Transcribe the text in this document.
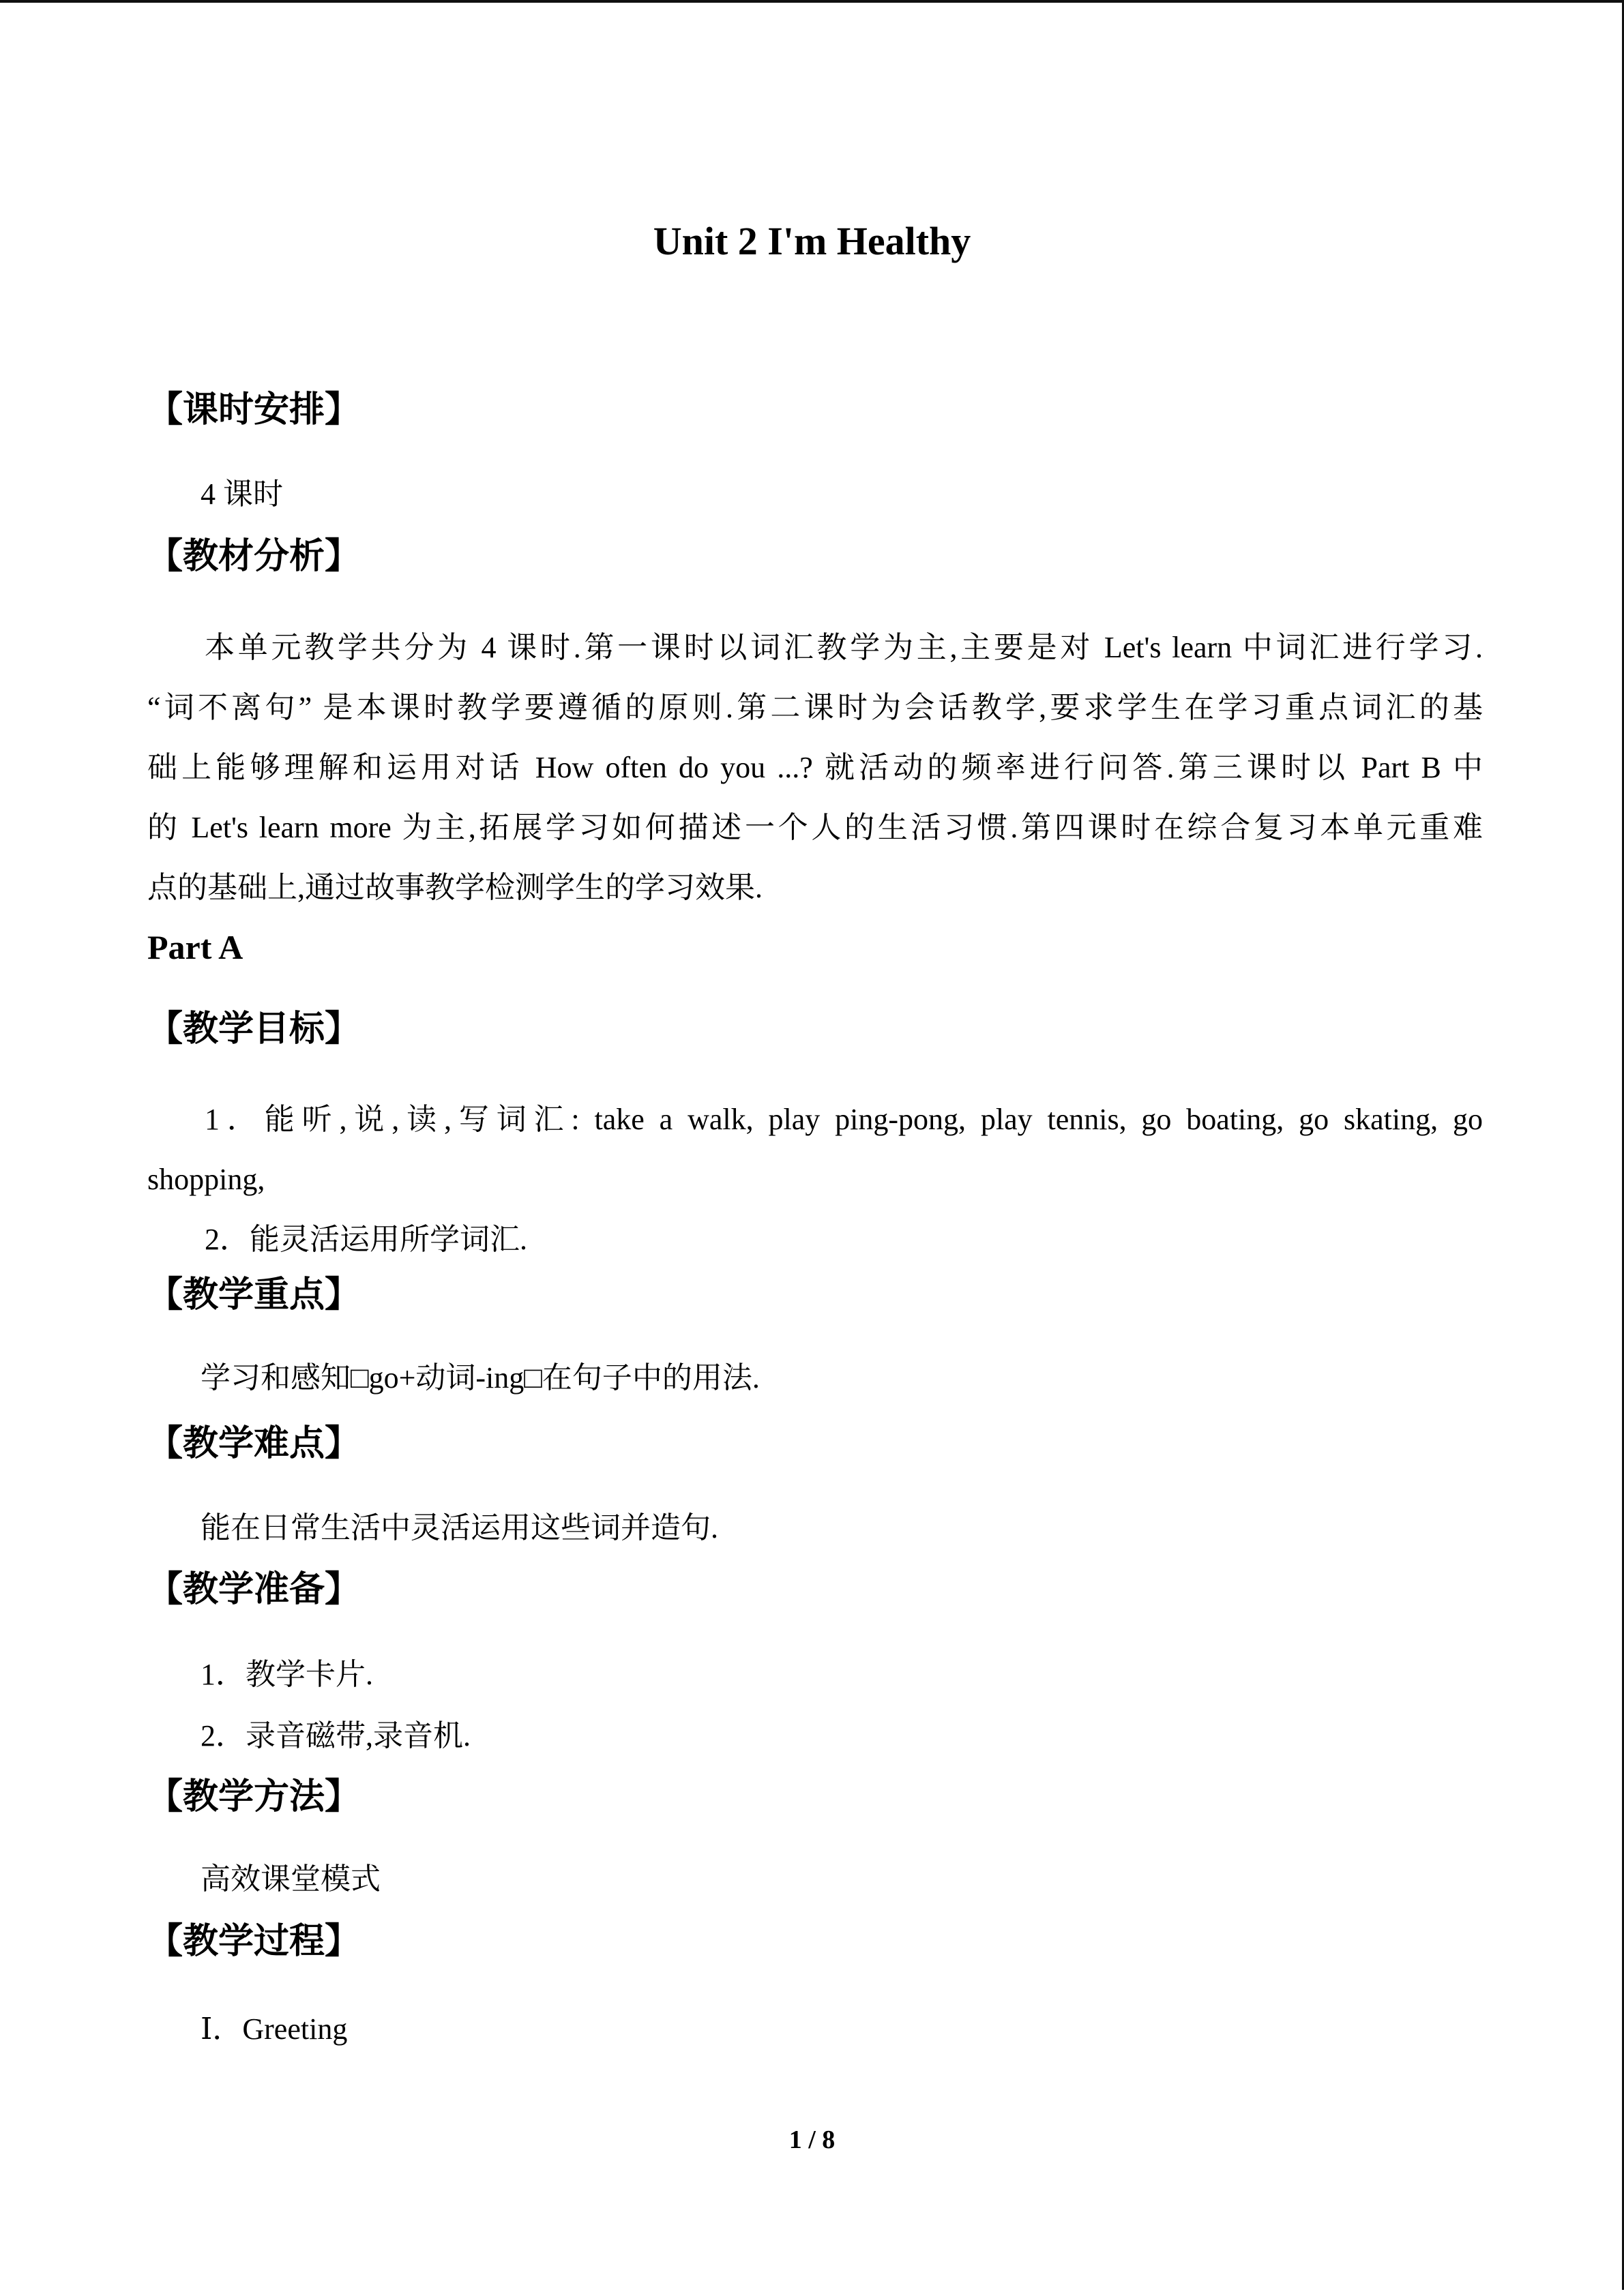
Unit 2 I'm Healthy
【课时安排】
4 课时
【教材分析】
本单元教学共分为 4 课时.第一课时以词汇教学为主,主要是对 Let's learn 中词汇进行学习.
“词不离句” 是本课时教学要遵循的原则.第二课时为会话教学,要求学生在学习重点词汇的基
础上能够理解和运用对话 How often do you ...? 就活动的频率进行问答.第三课时以 Part B 中
的 Let's learn more 为主,拓展学习如何描述一个人的生活习惯.第四课时在综合复习本单元重难
点的基础上,通过故事教学检测学生的学习效果.
Part A
【教学目标】
1．能听,说,读,写词汇: take a walk, play ping-pong, play tennis, go boating, go skating, go
shopping,
2．能灵活运用所学词汇.
【教学重点】
学习和感知□go+动词-ing□在句子中的用法.
【教学难点】
能在日常生活中灵活运用这些词并造句.
【教学准备】
1．教学卡片.
2．录音磁带,录音机.
【教学方法】
高效课堂模式
【教学过程】
Ⅰ．Greeting
1 / 8
